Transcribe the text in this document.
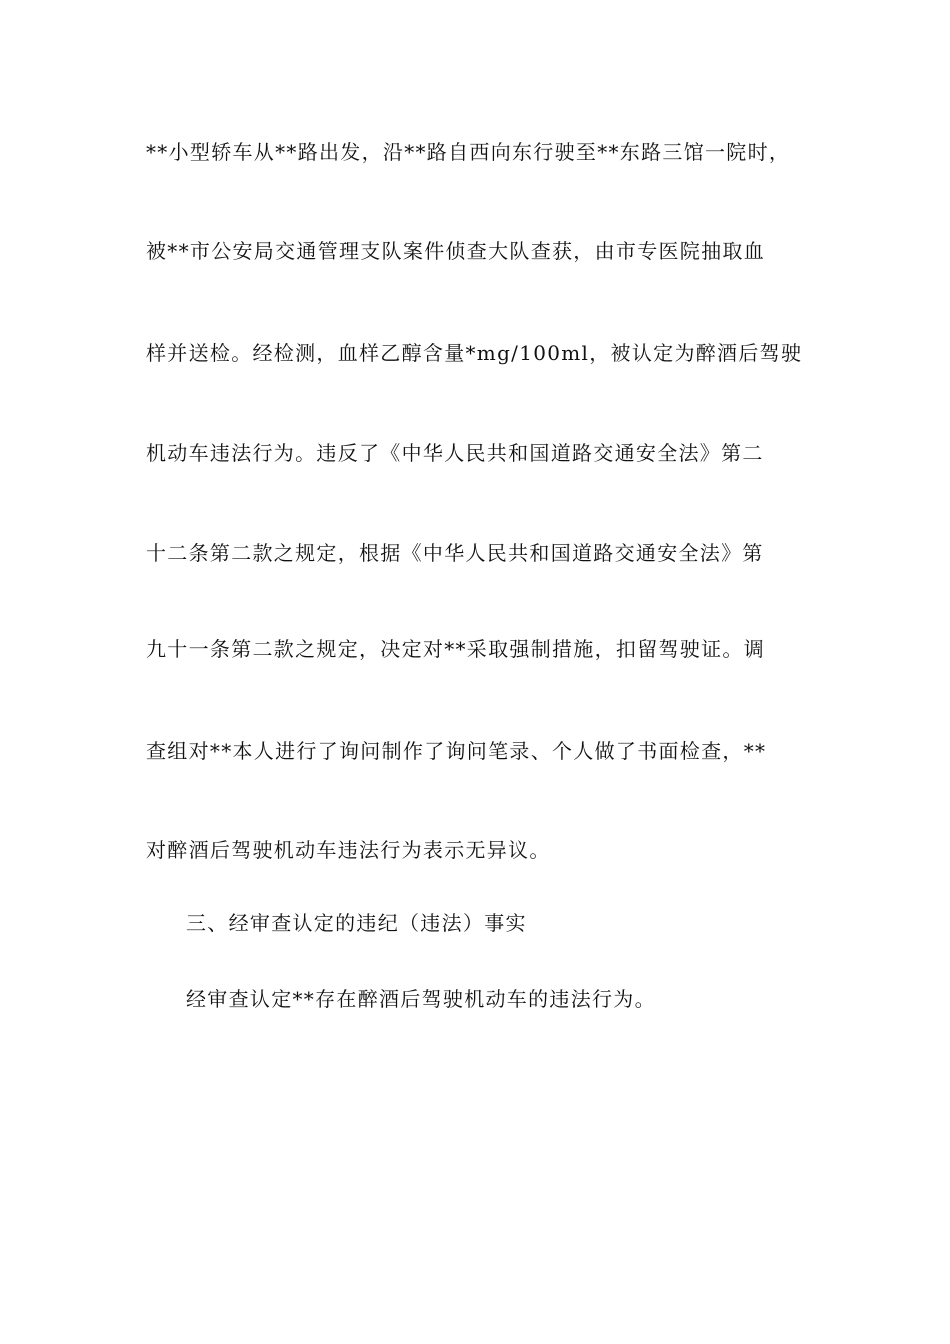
**小型轿车从**路出发，沿**路自西向东行驶至**东路三馆一院时，
被**市公安局交通管理支队案件侦查大队查获，由市专医院抽取血
样并送检。经检测，血样乙醇含量*mg/100ml，被认定为醉酒后驾驶
机动车违法行为。违反了《中华人民共和国道路交通安全法》第二
十二条第二款之规定，根据《中华人民共和国道路交通安全法》第
九十一条第二款之规定，决定对**采取强制措施，扣留驾驶证。调
查组对**本人进行了询问制作了询问笔录、个人做了书面检查，**
对醉酒后驾驶机动车违法行为表示无异议。
三、经审查认定的违纪（违法）事实
经审查认定**存在醉酒后驾驶机动车的违法行为。
